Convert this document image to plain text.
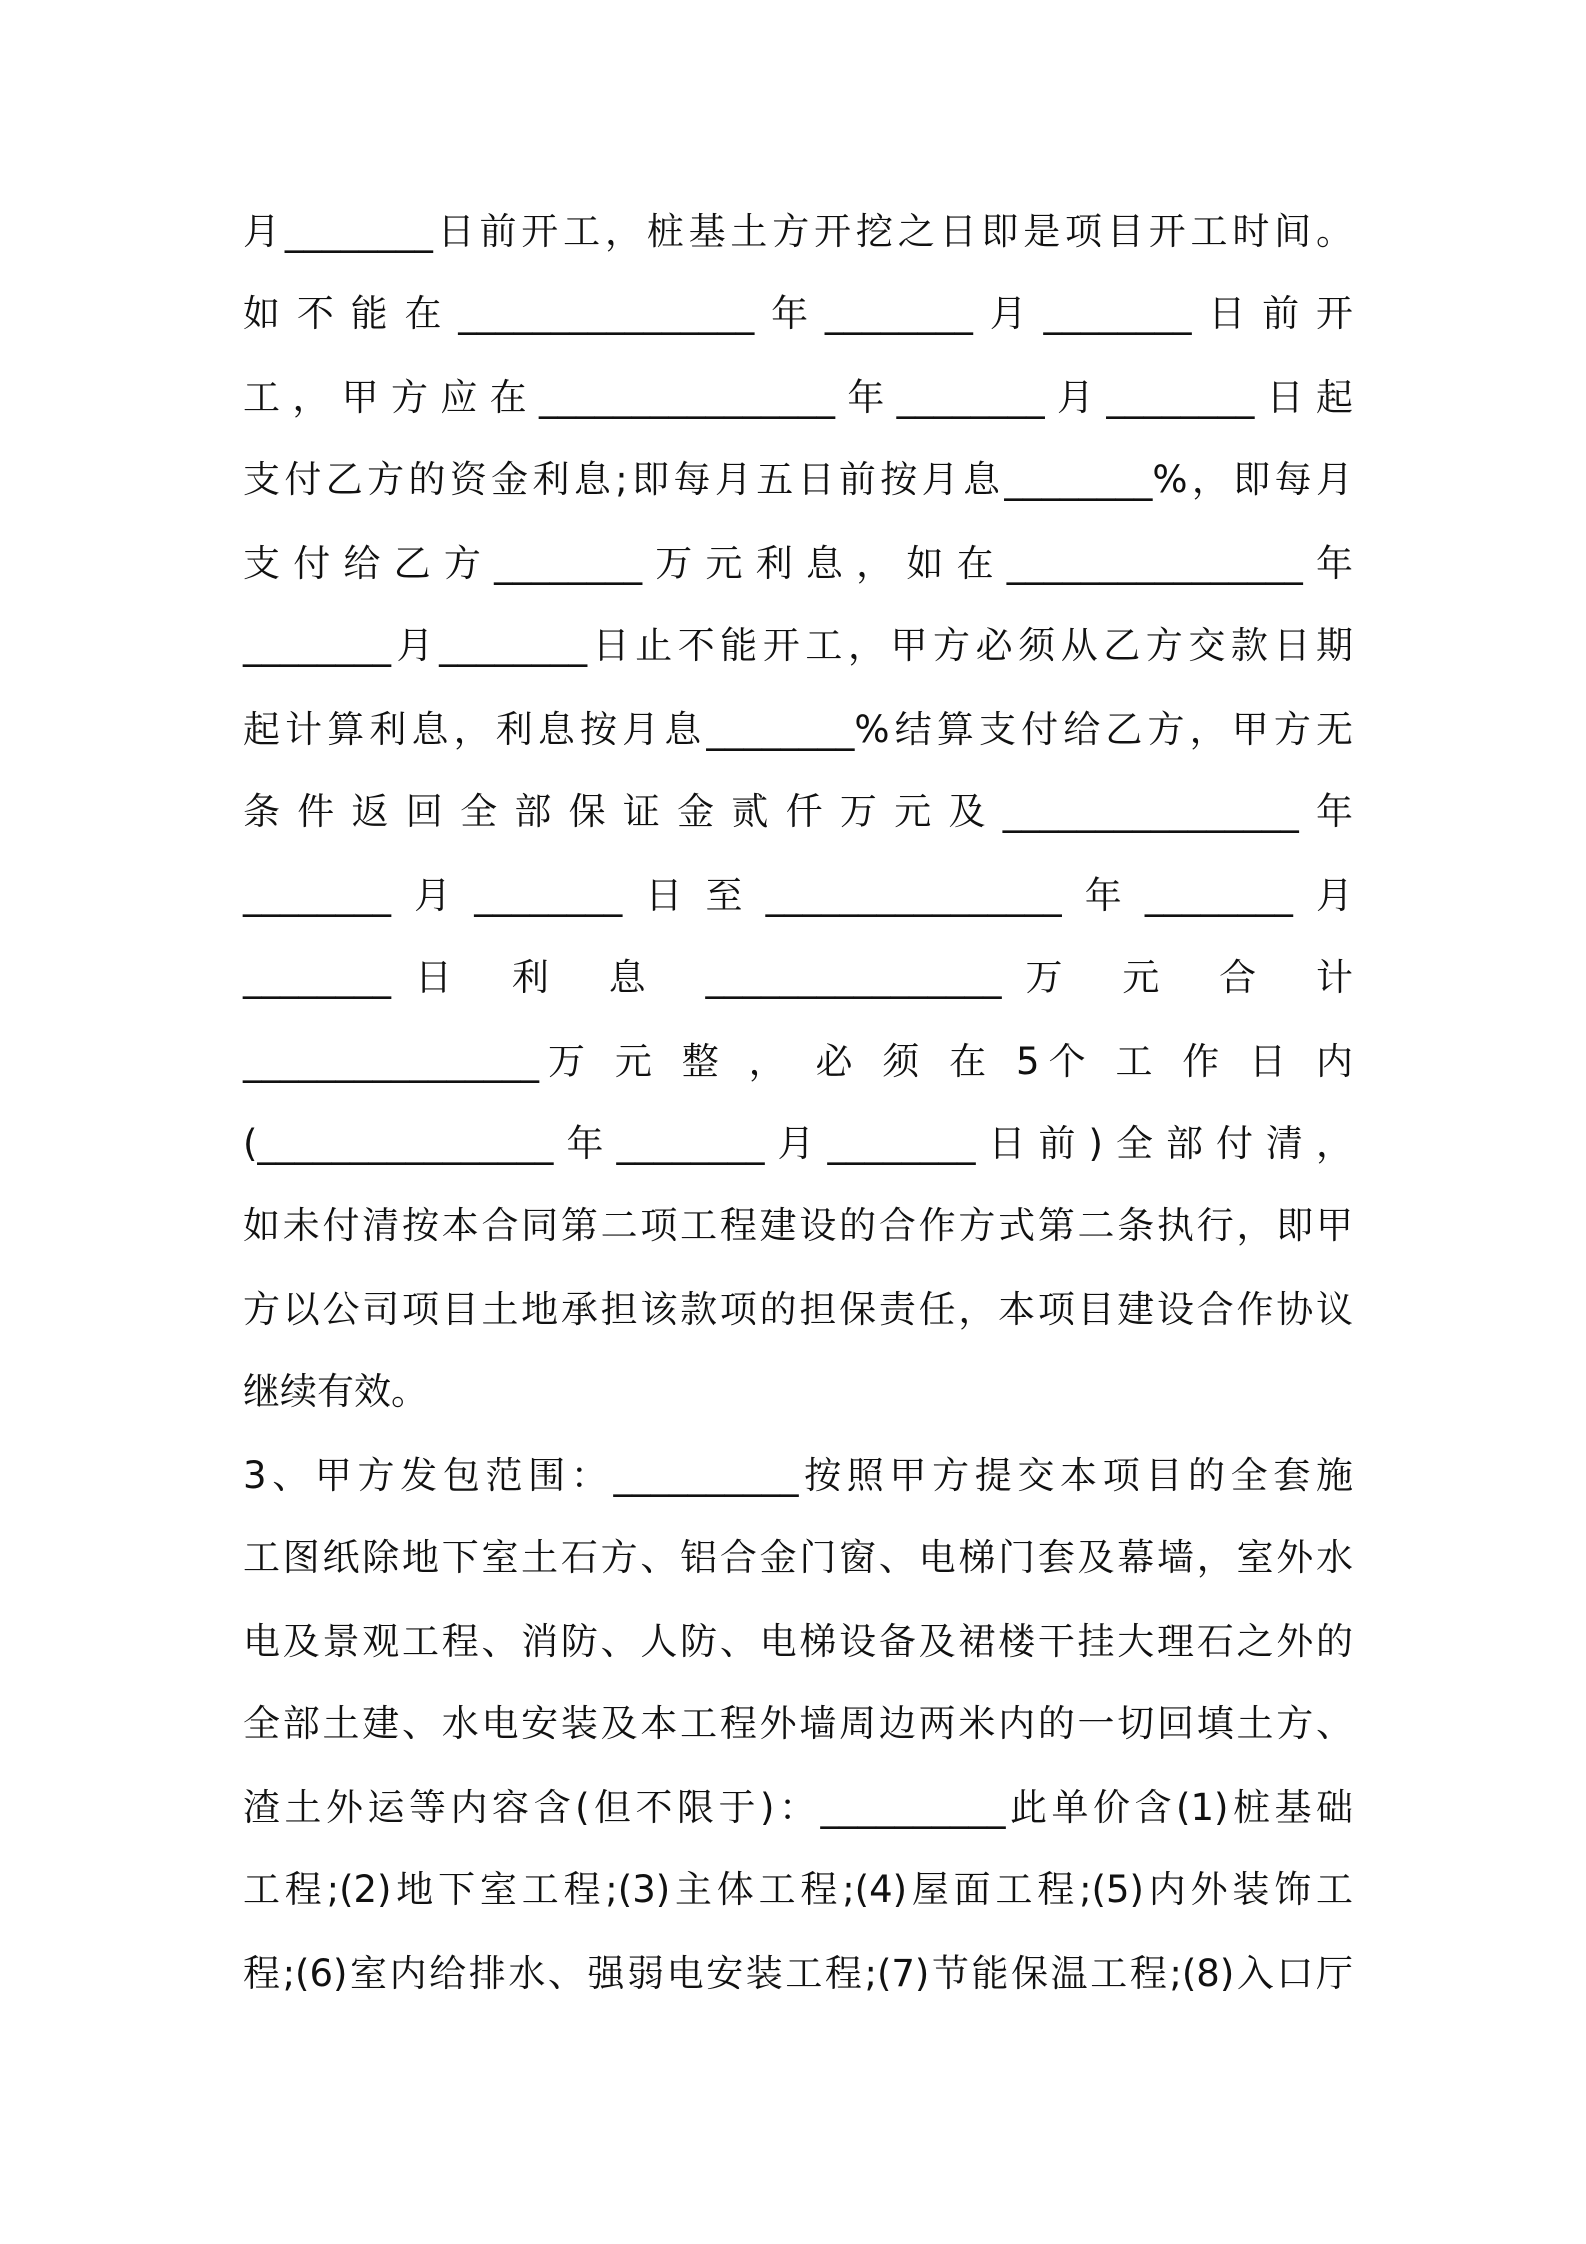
月________日前开工，桩基土方开挖之日即是项目开工时间。
如不能在________________年________月________日前开
工，甲方应在________________年________月________日起
支付乙方的资金利息;即每月五日前按月息________%，即每月
支付给乙方________万元利息，如在________________年
________月________日止不能开工，甲方必须从乙方交款日期
起计算利息，利息按月息________%结算支付给乙方，甲方无
条件返回全部保证金贰仟万元及________________年
________月________日至________________年________月
________日 利 息 ________________万 元 合 计
________________万 元 整 ， 必 须 在 5个 工 作 日 内
(________________年________月________日前)全部付清，
如未付清按本合同第二项工程建设的合作方式第二条执行，即甲
方以公司项目土地承担该款项的担保责任，本项目建设合作协议
继续有效。
3、甲方发包范围：__________按照甲方提交本项目的全套施
工图纸除地下室土石方、铝合金门窗、电梯门套及幕墙，室外水
电及景观工程、消防、人防、电梯设备及裙楼干挂大理石之外的
全部土建、水电安装及本工程外墙周边两米内的一切回填土方、
渣土外运等内容含(但不限于)：__________此单价含(1)桩基础
工程;(2)地下室工程;(3)主体工程;(4)屋面工程;(5)内外装饰工
程;(6)室内给排水、强弱电安装工程;(7)节能保温工程;(8)入口厅
